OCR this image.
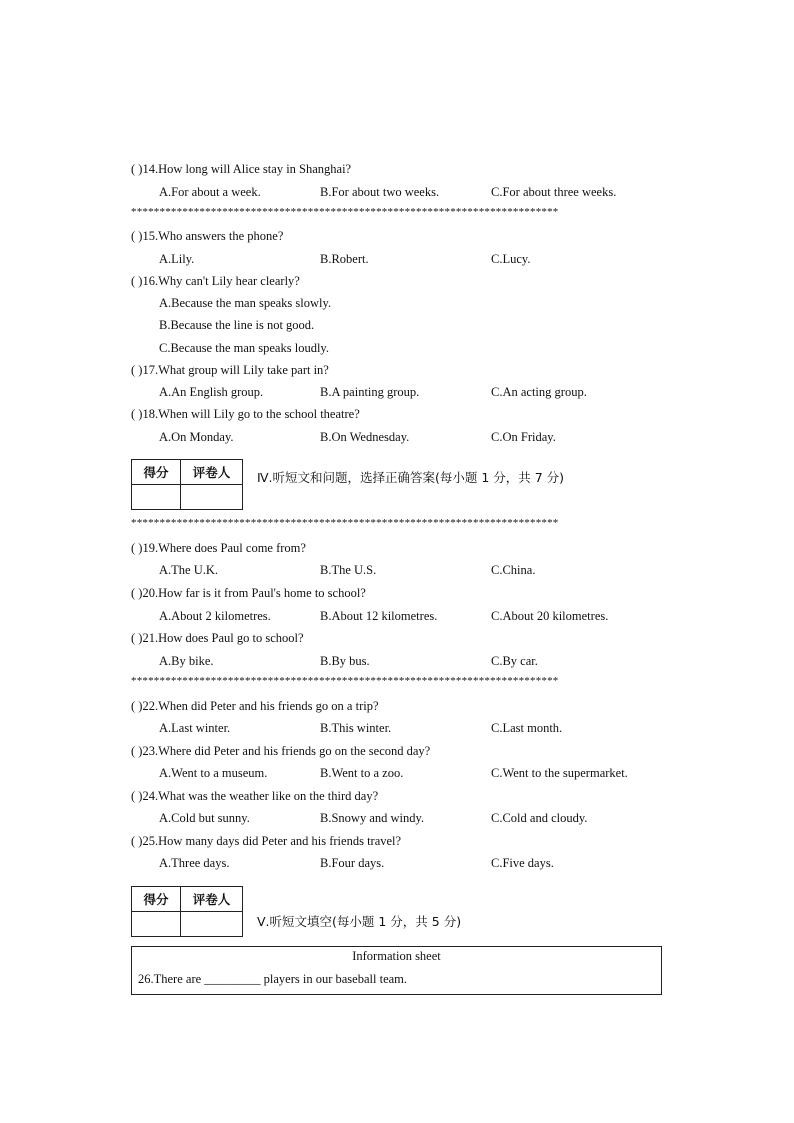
( )14.How long will Alice stay in Shanghai?
A.For about a week.	B.For about two weeks.	C.For about three weeks.
***************************************************************************
( )15.Who answers the phone?
A.Lily.	B.Robert.	C.Lucy.
( )16.Why can't Lily hear clearly?
A.Because the man speaks slowly.
B.Because the line is not good.
C.Because the man speaks loudly.
( )17.What group will Lily take part in?
A.An English group.	B.A painting group.	C.An acting group.
( )18.When will Lily go to the school theatre?
A.On Monday.	B.On Wednesday.	C.On Friday.
得分	评卷人
	Ⅳ.听短文和问题，选择正确答案(每小题 1 分，共 7 分)
***************************************************************************
( )19.Where does Paul come from?
A.The U.K.	B.The U.S.	C.China.
( )20.How far is it from Paul's home to school?
A.About 2 kilometres.	B.About 12 kilometres.	C.About 20 kilometres.
( )21.How does Paul go to school?
A.By bike.	B.By bus.	C.By car.
***************************************************************************
( )22.When did Peter and his friends go on a trip?
A.Last winter.	B.This winter.	C.Last month.
( )23.Where did Peter and his friends go on the second day?
A.Went to a museum.	B.Went to a zoo.	C.Went to the supermarket.
( )24.What was the weather like on the third day?
A.Cold but sunny.	B.Snowy and windy.	C.Cold and cloudy.
( )25.How many days did Peter and his friends travel?
A.Three days.	B.Four days.	C.Five days.
得分	评卷人

Ⅴ.听短文填空(每小题 1 分，共 5 分)
Information sheet
26.There are _________ players in our baseball team.
